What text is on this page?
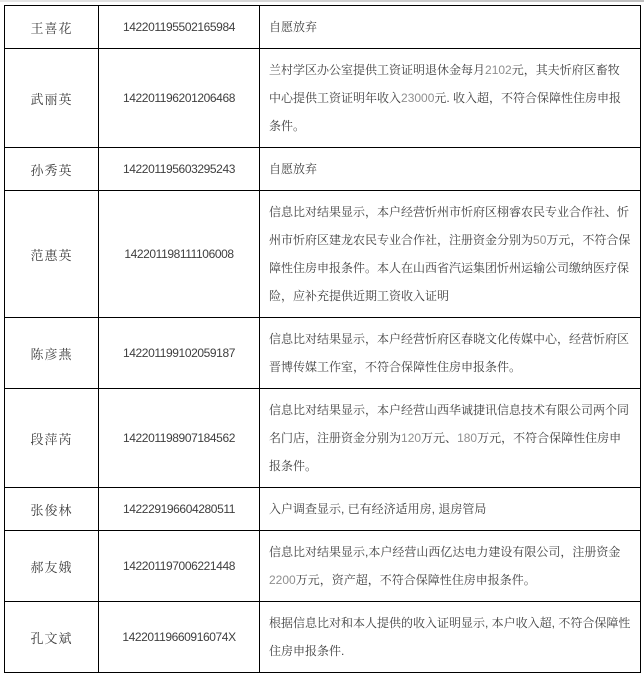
王喜花	142201195502165984	自愿放弃
武丽英	142201196201206468	兰村学区办公室提供工资证明退休金每月2102元，其夫忻府区畜牧中心提供工资证明年收入23000元. 收入超，不符合保障性住房申报条件。
孙秀英	142201195603295243	自愿放弃
范惠英	142201198111106008	信息比对结果显示，本户经营忻州市忻府区栩睿农民专业合作社、忻州市忻府区建龙农民专业合作社，注册资金分别为50万元，不符合保障性住房申报条件。本人在山西省汽运集团忻州运输公司缴纳医疗保险，应补充提供近期工资收入证明
陈彦燕	142201199102059187	信息比对结果显示，本户经营忻府区春晓文化传媒中心，经营忻府区晋博传媒工作室，不符合保障性住房申报条件。
段萍芮	142201198907184562	信息比对结果显示，本户经营山西华诚捷讯信息技术有限公司两个同名门店，注册资金分别为120万元、180万元，不符合保障性住房申报条件。
张俊林	142229196604280511	入户调查显示, 已有经济适用房, 退房管局
郝友娥	142201197006221448	信息比对结果显示,本户经营山西亿达电力建设有限公司，注册资金2200万元，资产超，不符合保障性住房申报条件。
孔文斌	14220119660916074X	根据信息比对和本人提供的收入证明显示, 本户收入超, 不符合保障性住房申报条件.
